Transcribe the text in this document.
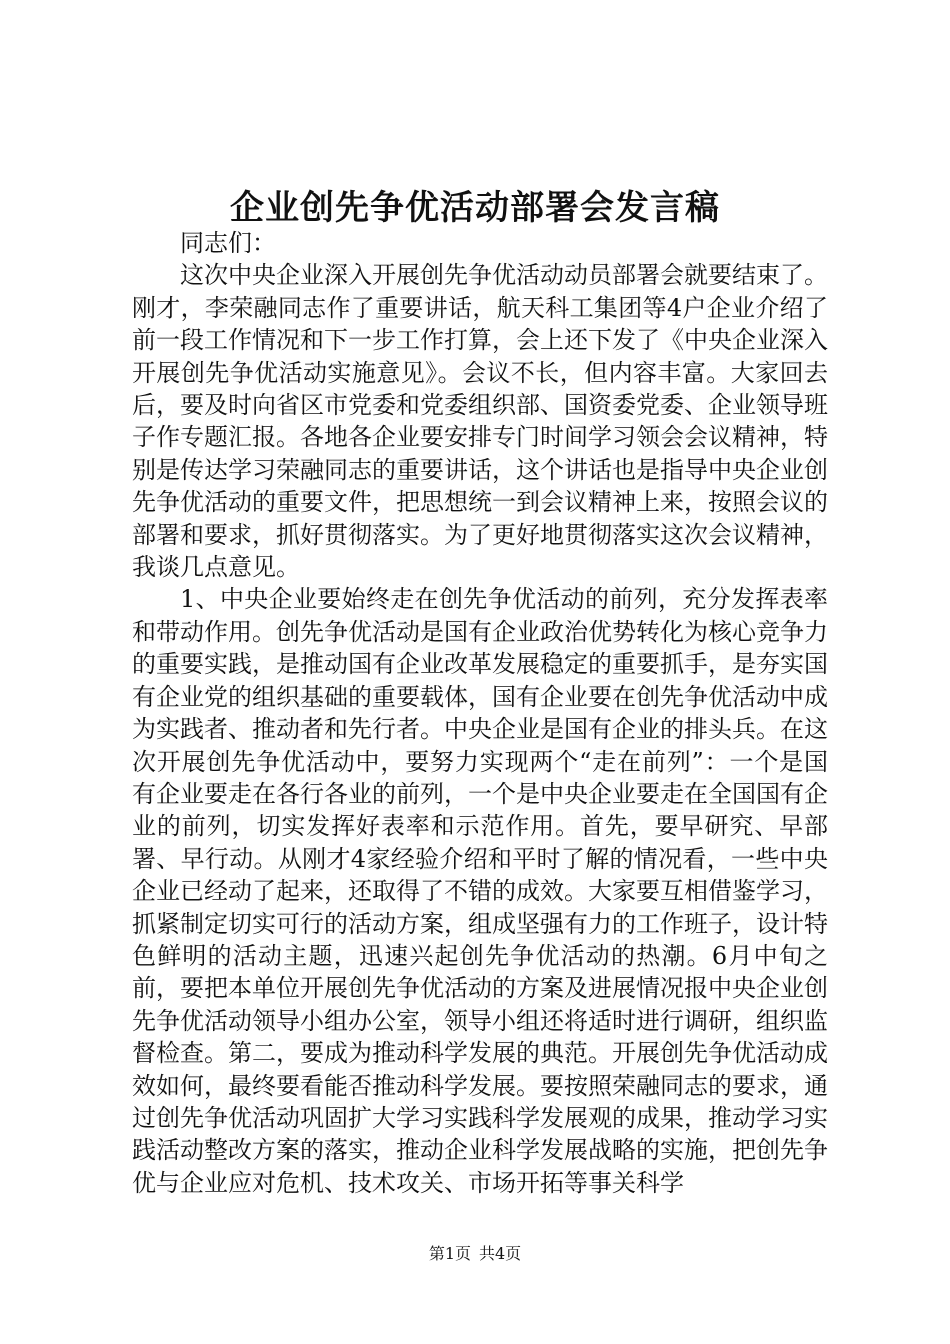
企业创先争优活动部署会发言稿

同志们：

这次中央企业深入开展创先争优活动动员部署会就要结束了。刚才，李荣融同志作了重要讲话，航天科工集团等4户企业介绍了前一段工作情况和下一步工作打算，会上还下发了《中央企业深入开展创先争优活动实施意见》。会议不长，但内容丰富。大家回去后，要及时向省区市党委和党委组织部、国资委党委、企业领导班子作专题汇报。各地各企业要安排专门时间学习领会会议精神，特别是传达学习荣融同志的重要讲话，这个讲话也是指导中央企业创先争优活动的重要文件，把思想统一到会议精神上来，按照会议的部署和要求，抓好贯彻落实。为了更好地贯彻落实这次会议精神，我谈几点意见。

1、中央企业要始终走在创先争优活动的前列，充分发挥表率和带动作用。创先争优活动是国有企业政治优势转化为核心竞争力的重要实践，是推动国有企业改革发展稳定的重要抓手，是夯实国有企业党的组织基础的重要载体，国有企业要在创先争优活动中成为实践者、推动者和先行者。中央企业是国有企业的排头兵。在这次开展创先争优活动中，要努力实现两个“走在前列”：一个是国有企业要走在各行各业的前列，一个是中央企业要走在全国国有企业的前列，切实发挥好表率和示范作用。首先，要早研究、早部署、早行动。从刚才4家经验介绍和平时了解的情况看，一些中央企业已经动了起来，还取得了不错的成效。大家要互相借鉴学习，抓紧制定切实可行的活动方案，组成坚强有力的工作班子，设计特色鲜明的活动主题，迅速兴起创先争优活动的热潮。6月中旬之前，要把本单位开展创先争优活动的方案及进展情况报中央企业创先争优活动领导小组办公室，领导小组还将适时进行调研，组织监督检查。第二，要成为推动科学发展的典范。开展创先争优活动成效如何，最终要看能否推动科学发展。要按照荣融同志的要求，通过创先争优活动巩固扩大学习实践科学发展观的成果，推动学习实践活动整改方案的落实，推动企业科学发展战略的实施，把创先争优与企业应对危机、技术攻关、市场开拓等事关科学

第1页 共4页
